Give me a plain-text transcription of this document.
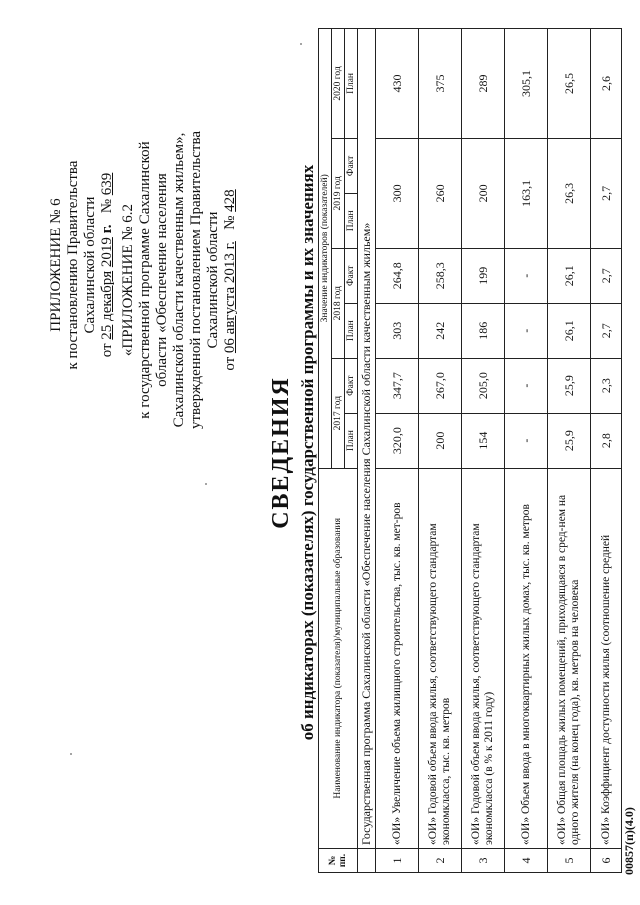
ПРИЛОЖЕНИЕ № 6 к постановлению Правительства Сахалинской области
от 25 декабря 2019 г.   № 639
«ПРИЛОЖЕНИЕ № 6.2 к государственной программе Сахалинской области «Обеспечение населения Сахалинской области качественным жильем», утвержденной постановлением Правительства Сахалинской области
от 06 августа 2013 г.   № 428
СВЕДЕНИЯ об индикаторах (показателях) государственной программы и их значениях
№ пп.	Наименование индикатора (показателя)/муниципальные образования	Значение индикаторов (показателей)						
		2017 год		2018 год		2019 год		2020 год
		План	Факт	План	Факт	План	Факт	План
	Государственная программа Сахалинской области «Обеспечение населения Сахалинской области качественным жильем»							
1	«ОИ» Увеличение объема жилищного строительства, тыс. кв. мет-ров	320,0	347,7	303	264,8	300		430
2	«ОИ» Годовой объем ввода жилья, соответствующего стандартам экономкласса, тыс. кв. метров	200	267,0	242	258,3	260		375
3	«ОИ» Годовой объем ввода жилья, соответствующего стандартам экономкласса (в % к 2011 году)	154	205,0	186	199	200		289
4	«ОИ» Объем ввода в многоквартирных жилых домах, тыс. кв. метров	-	-	-	-	163,1		305,1
5	«ОИ» Общая площадь жилых помещений, приходящаяся в сред-нем на одного жителя (на конец года), кв. метров на человека	25,9	25,9	26,1	26,1	26,3		26,5
6	«ОИ» Коэффициент доступности жилья (соотношение средней	2,8	2,3	2,7	2,7	2,7		2,6
00857(п)(4.0)
